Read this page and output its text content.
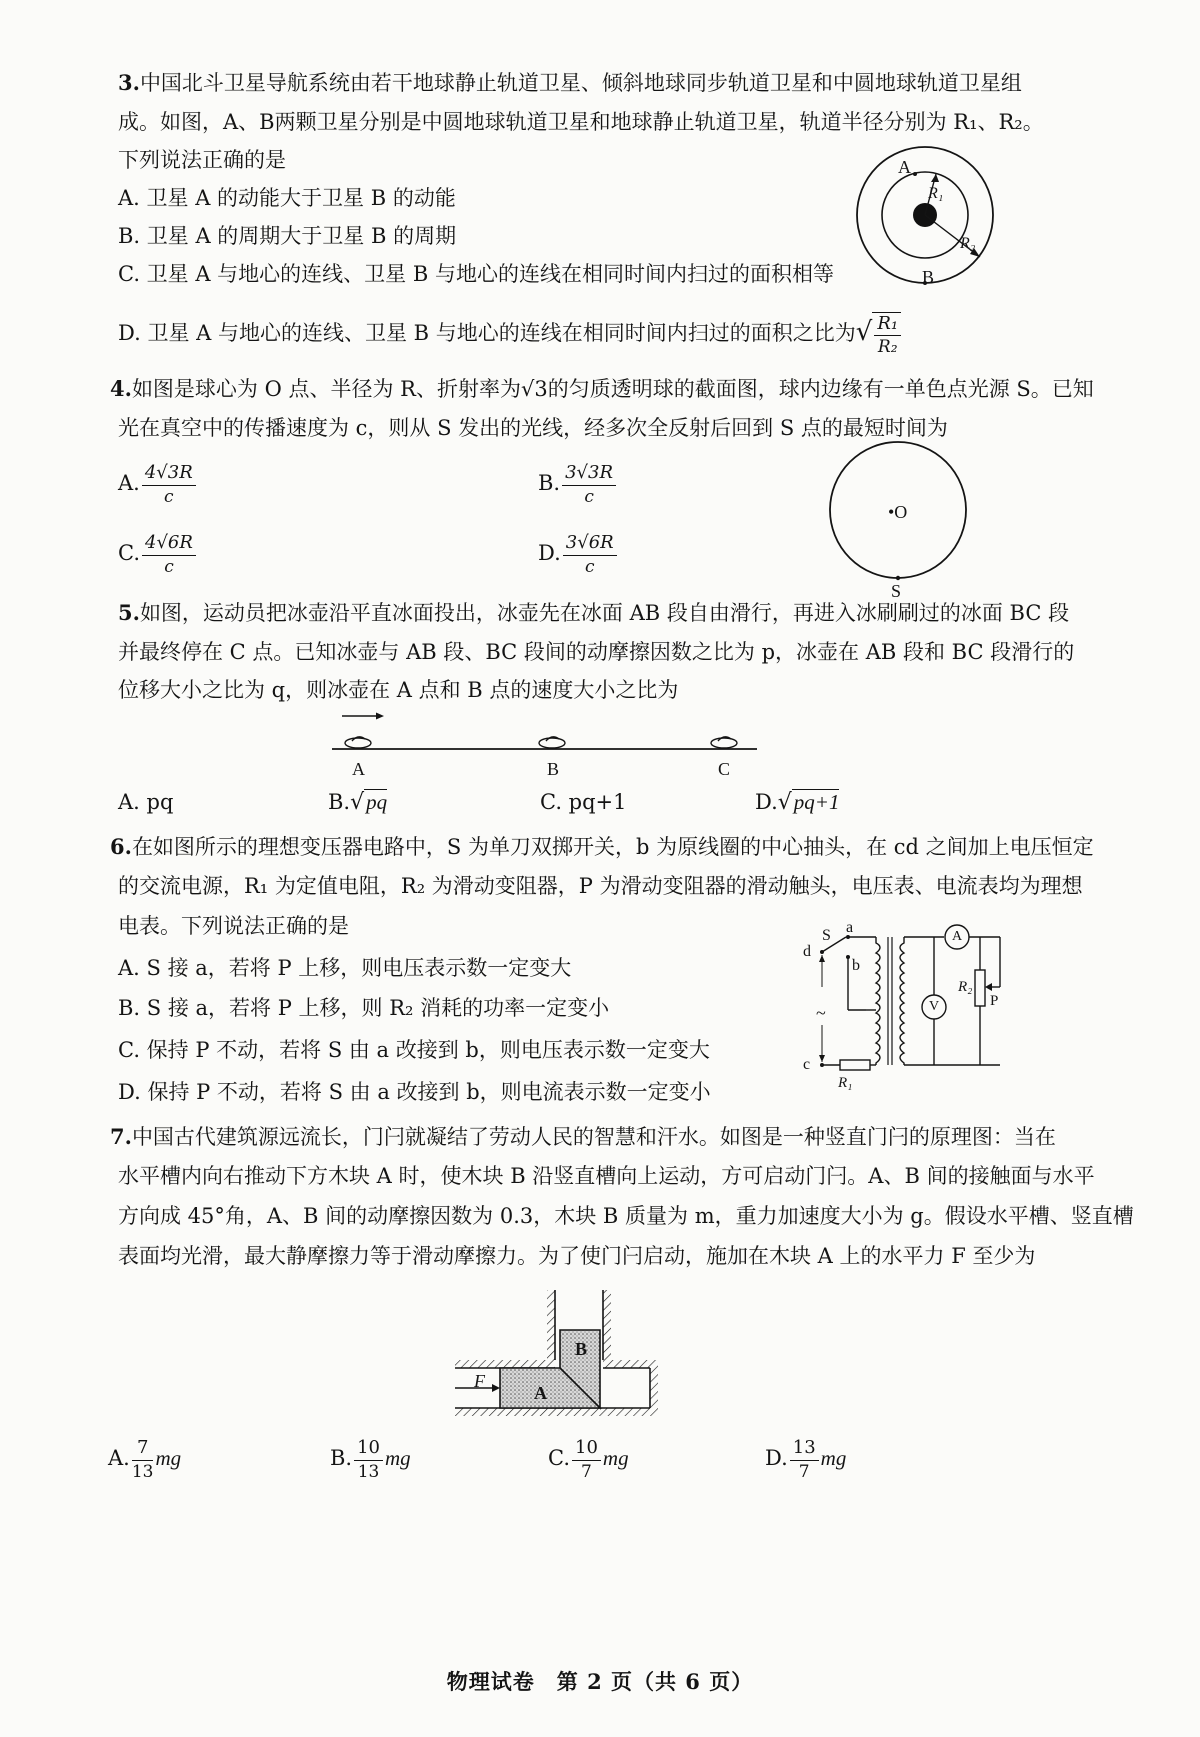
3.中国北斗卫星导航系统由若干地球静止轨道卫星、倾斜地球同步轨道卫星和中圆地球轨道卫星组
成。如图，A、B两颗卫星分别是中圆地球轨道卫星和地球静止轨道卫星，轨道半径分别为 R₁、R₂。
下列说法正确的是
A. 卫星 A 的动能大于卫星 B 的动能
B. 卫星 A 的周期大于卫星 B 的周期
C. 卫星 A 与地心的连线、卫星 B 与地心的连线在相同时间内扫过的面积相等
D. 卫星 A 与地心的连线、卫星 B 与地心的连线在相同时间内扫过的面积之比为√ $\frac{\text{R₁}}{\text{R₂}}$
A
R₁
R₂
B
4.如图是球心为 O 点、半径为 R、折射率为√3的匀质透明球的截面图，球内边缘有一单色点光源 S。已知
光在真空中的传播速度为 c，则从 S 发出的光线，经多次全反射后回到 S 点的最短时间为
A. $\frac{4√3R}{c}$	B. $\frac{3√3R}{c}$
C. $\frac{4√6R}{c}$	D. $\frac{3√6R}{c}$
•O
S
5.如图，运动员把冰壶沿平直冰面投出，冰壶先在冰面 AB 段自由滑行，再进入冰刷刷过的冰面 BC 段
并最终停在 C 点。已知冰壶与 AB 段、BC 段间的动摩擦因数之比为 p，冰壶在 AB 段和 BC 段滑行的
位移大小之比为 q，则冰壶在 A 点和 B 点的速度大小之比为
A	B	C
A. pq	B.√pq	C. pq+1	D.√pq+1
6.在如图所示的理想变压器电路中，S 为单刀双掷开关，b 为原线圈的中心抽头，在 cd 之间加上电压恒定
的交流电源，R₁ 为定值电阻，R₂ 为滑动变阻器，P 为滑动变阻器的滑动触头，电压表、电流表均为理想
电表。下列说法正确的是
A. S 接 a，若将 P 上移，则电压表示数一定变大
B. S 接 a，若将 P 上移，则 R₂ 消耗的功率一定变小
C. 保持 P 不动，若将 S 由 a 改接到 b，则电压表示数一定变大
D. 保持 P 不动，若将 S 由 a 改接到 b，则电流表示数一定变小
S a
b
d
c
~
A
V
R₂
P
R₁
7.中国古代建筑源远流长，门闩就凝结了劳动人民的智慧和汗水。如图是一种竖直门闩的原理图：当在
水平槽内向右推动下方木块 A 时，使木块 B 沿竖直槽向上运动，方可启动门闩。A、B 间的接触面与水平
方向成 45°角，A、B 间的动摩擦因数为 0.3，木块 B 质量为 m，重力加速度大小为 g。假设水平槽、竖直槽
表面均光滑，最大静摩擦力等于滑动摩擦力。为了使门闩启动，施加在木块 A 上的水平力 F 至少为
F
A
B
A. $\frac{7}{13}$ mg	B. $\frac{10}{13}$ mg	C. $\frac{10}{7}$ mg	D. $\frac{13}{7}$ mg
物理试卷　第 2 页（共 6 页）
